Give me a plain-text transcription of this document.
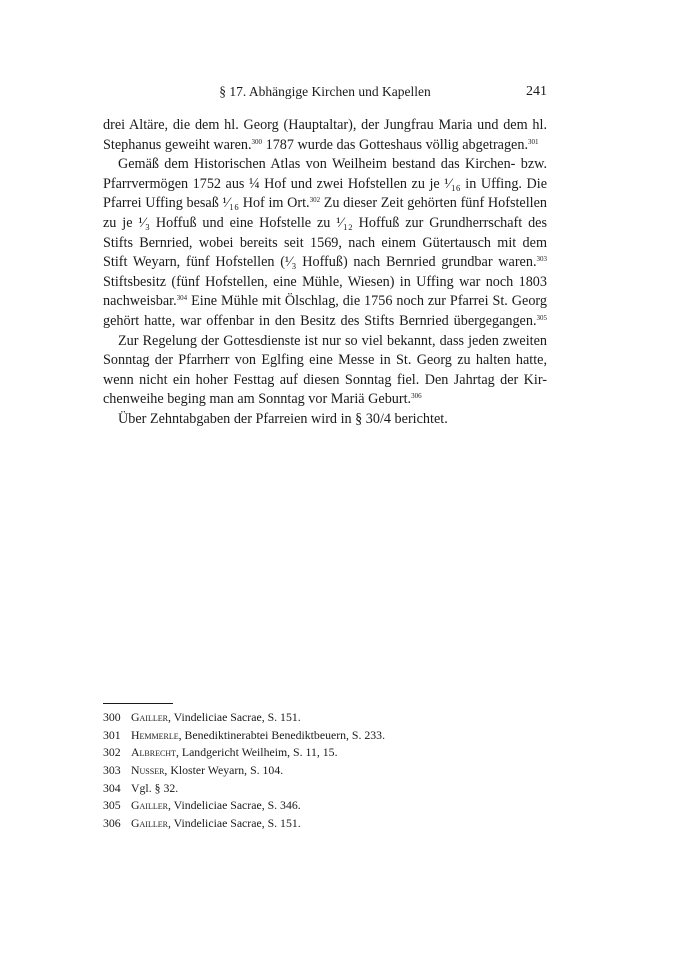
§ 17. Abhängige Kirchen und Kapellen	241
drei Altäre, die dem hl. Georg (Hauptaltar), der Jungfrau Maria und dem hl.
Stephanus geweiht waren.$^{300}$ 1787 wurde das Gotteshaus völlig abgetragen.$^{301}$
Gemäß dem Historischen Atlas von Weilheim bestand das Kirchen- bzw.
Pfarrvermögen 1752 aus ¼ Hof und zwei Hofstellen zu je ¹⁄₁₆ in Uffing. Die
Pfarrei Uffing besaß ¹⁄₁₆ Hof im Ort.$^{302}$ Zu dieser Zeit gehörten fünf Hofstellen
zu je ¹⁄₃ Hoffuß und eine Hofstelle zu ¹⁄₁₂ Hoffuß zur Grundherrschaft des
Stifts Bernried, wobei bereits seit 1569, nach einem Gütertausch mit dem
Stift Weyarn, fünf Hofstellen (¹⁄₃ Hoffuß) nach Bernried grundbar waren.$^{303}$
Stiftsbesitz (fünf Hofstellen, eine Mühle, Wiesen) in Uffing war noch 1803
nachweisbar.$^{304}$ Eine Mühle mit Ölschlag, die 1756 noch zur Pfarrei St. Georg
gehört hatte, war offenbar in den Besitz des Stifts Bernried übergegangen.$^{305}$
Zur Regelung der Gottesdienste ist nur so viel bekannt, dass jeden zweiten
Sonntag der Pfarrherr von Eglfing eine Messe in St. Georg zu halten hatte,
wenn nicht ein hoher Festtag auf diesen Sonntag fiel. Den Jahrtag der Kir-
chenweihe beging man am Sonntag vor Mariä Geburt.$^{306}$
Über Zehntabgaben der Pfarreien wird in § 30/4 berichtet.
300 Gailler, Vindeliciae Sacrae, S. 151.
301 Hemmerle, Benediktinerabtei Benediktbeuern, S. 233.
302 Albrecht, Landgericht Weilheim, S. 11, 15.
303 Nusser, Kloster Weyarn, S. 104.
304 Vgl. § 32.
305 Gailler, Vindeliciae Sacrae, S. 346.
306 Gailler, Vindeliciae Sacrae, S. 151.
